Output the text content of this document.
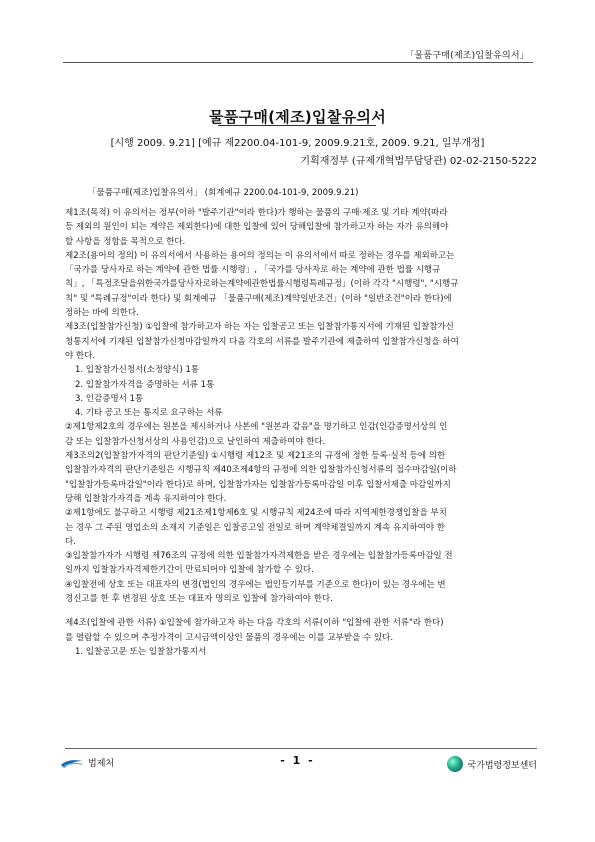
「물품구매(제조)입찰유의서」
물품구매(제조)입찰유의서
[시행 2009. 9.21] [예규 제2200.04-101-9, 2009.9.21호, 2009. 9.21, 일부개정]
기획재정부 (규제개혁법무담당관) 02-02-2150-5222
「물품구매(제조)입찰유의서」 (회계예규 2200.04-101-9, 2009.9.21)

제1조(목적) 이 유의서는 정부(이하 "발주기관"이라 한다)가 행하는 물품의 구매·제조 및 기타 계약(따라

등 제외의 원인이 되는 계약은 제외한다)에 대한 입찰에 있어 당해입찰에 참가하고자 하는 자가 유의해야

할 사항을 정함을 목적으로 한다.

제2조(용어의 정의) 이 유의서에서 사용하는 용어의 정의는 이 유의서에서 따로 정하는 경우를 제외하고는

「국가를 당사자로 하는 계약에 관한 법률 시행령」, 「국가를 당사자로 하는 계약에 관한 법률 시행규

칙」, 「특정조달을위한국가를당사자로하는계약에관한법률시행령특례규정」(이하 각각 "시행령", "시행규

칙" 및 "특례규정"이라 한다) 및 회계예규 「물품구매(제조)계약일반조건」(이하 "일반조건"이라 한다)에

정하는 바에 의한다.

제3조(입찰참가신청) ①입찰에 참가하고자 하는 자는 입찰공고 또는 입찰참가통지서에 기재된 입찰참가신

청통지서에 기재된 입찰참가신청마감일까지 다음 각호의 서류를 발주기관에 제출하여 입찰참가신청을 하여

야 한다.

1. 입찰참가신청서(소정양식) 1통

2. 입찰참가자격을 증명하는 서류 1통

3. 인감증명서 1통

4. 기타 공고 또는 통지로 요구하는 서류

②제1항제2호의 경우에는 원본을 제시하거나 사본에 "원본과 같음"을 명기하고 인감(인감증명서상의 인

감 또는 입찰참가신청서상의 사용인감)으로 날인하여 제출하여야 한다.

제3조의2(입찰참가자격의 판단기준일) ①시행령 제12조 및 제21조의 규정에 정한 등록·실적 등에 의한

입찰참가자격의 판단기준일은 시행규칙 제40조제4항의 규정에 의한 입찰참가신청서류의 접수마감일(이하

"입찰참가등록마감일"이라 한다)로 하며, 입찰참가자는 입찰참가등록마감일 이후 입찰서제출 마감일까지

당해 입찰참가자격을 계속 유지하여야 한다.

②제1항에도 불구하고 시행령 제21조제1항제6호 및 시행규칙 제24조에 따라 지역제한경쟁입찰을 부치

는 경우 그 주된 영업소의 소재지 기준일은 입찰공고일 전일로 하며 계약체결일까지 계속 유지하여야 한

다.

③입찰참가자가 시행령 제76조의 규정에 의한 입찰참가자격제한을 받은 경우에는 입찰참가등록마감일 전

일까지 입찰참가자격제한기간이 만료되어야 입찰에 참가할 수 있다.

④입찰전에 상호 또는 대표자의 변경(법인의 경우에는 법인등기부를 기준으로 한다)이 있는 경우에는 변

경신고를 한 후 변경된 상호 또는 대표자 명의로 입찰에 참가하여야 한다.

제4조(입찰에 관한 서류) ①입찰에 참가하고자 하는 다음 각호의 서류(이하 "입찰에 관한 서류"라 한다)

를 열람할 수 있으며 추정가격이 고시금액이상인 물품의 경우에는 이를 교부받을 수 있다.

1. 입찰공고문 또는 입찰참가통지서

법제처	- 1 -	국가법령정보센터
